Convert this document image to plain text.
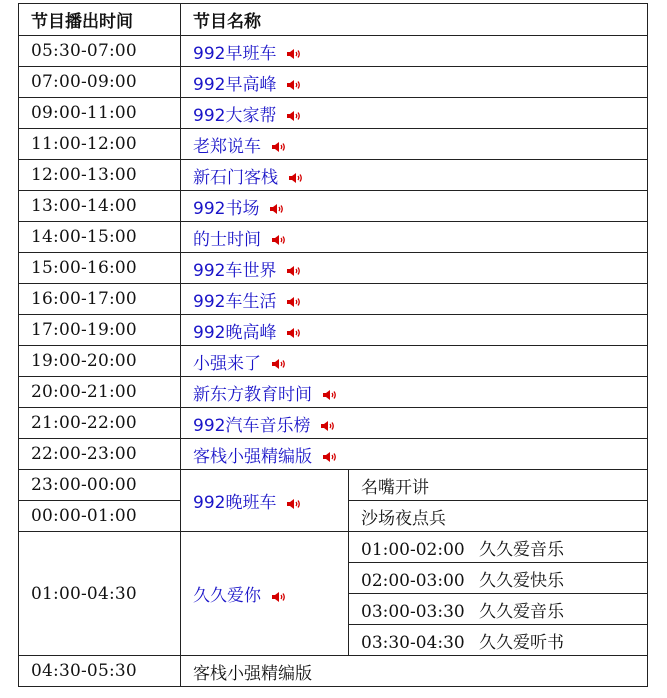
节目播出时间	节目名称	
05:30-07:00	992早班车	

07:00-09:00	992早高峰	

09:00-11:00	992大家帮	

11:00-12:00	老郑说车	

12:00-13:00	新石门客栈	

13:00-14:00	992书场	

14:00-15:00	的士时间	

15:00-16:00	992车世界	

16:00-17:00	992车生活	

17:00-19:00	992晚高峰	

19:00-20:00	小强来了	

20:00-21:00	新东方教育时间	

21:00-22:00	992汽车音乐榜	

22:00-23:00	客栈小强精编版	

23:00-00:00	992晚班车	名嘴开讲
00:00-01:00		沙场夜点兵
01:00-04:30	久久爱你	01:00-02:00 久久爱音乐
		02:00-03:00 久久爱快乐
		03:00-03:30 久久爱音乐
		03:30-04:30 久久爱听书
04:30-05:30	客栈小强精编版	
